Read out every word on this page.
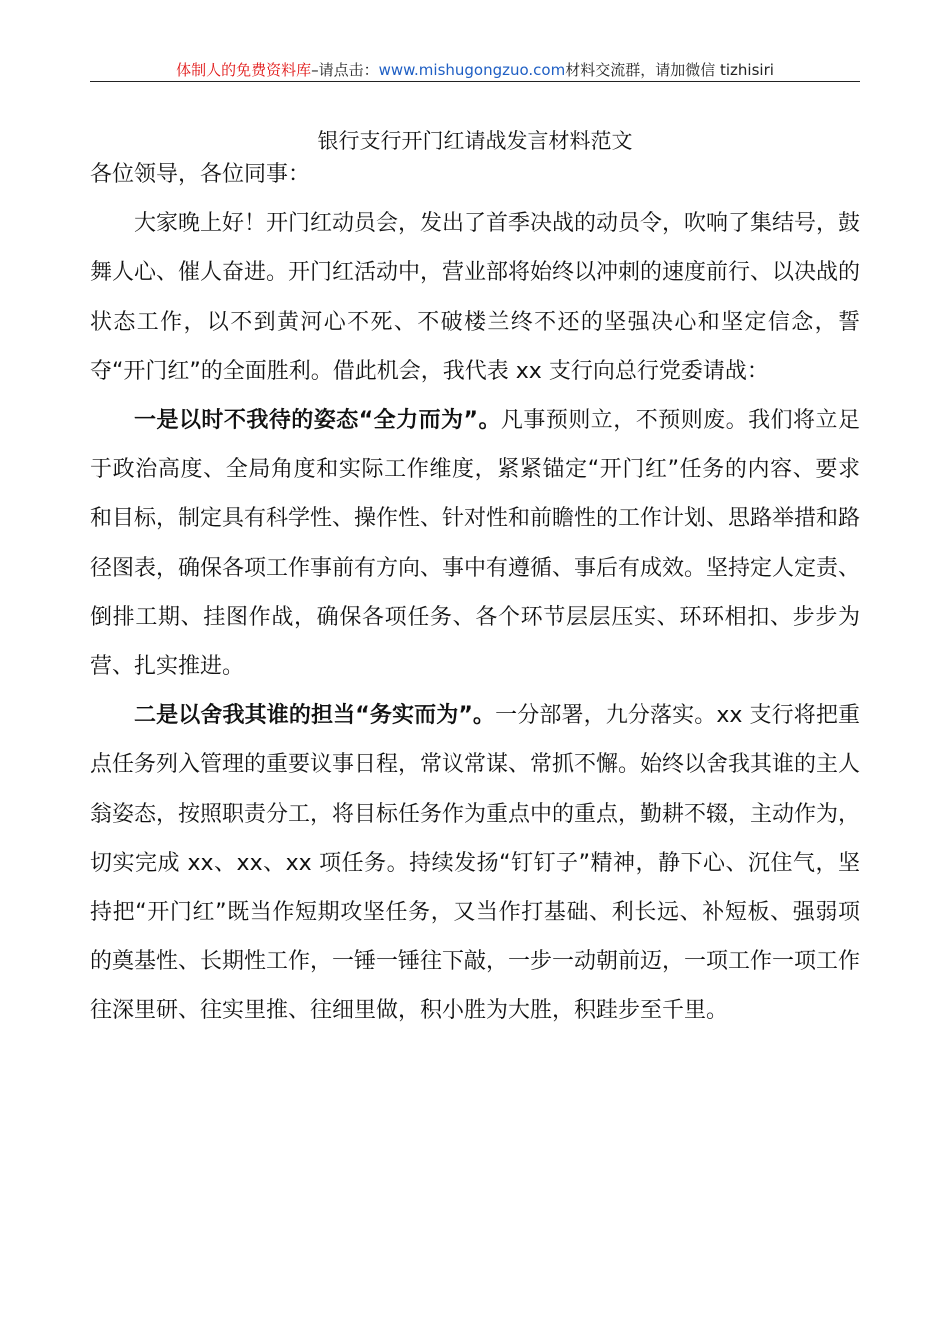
体制人的免费资料库–请点击：www.mishugongzuo.com材料交流群，请加微信 tizhisiri
银行支行开门红请战发言材料范文

各位领导，各位同事：

大家晚上好！开门红动员会，发出了首季决战的动员令，吹响了集结号，鼓舞人心、催人奋进。开门红活动中，营业部将始终以冲刺的速度前行、以决战的状态工作，以不到黄河心不死、不破楼兰终不还的坚强决心和坚定信念，誓夺“开门红”的全面胜利。借此机会，我代表 xx 支行向总行党委请战：

一是以时不我待的姿态“全力而为”。凡事预则立，不预则废。我们将立足于政治高度、全局角度和实际工作维度，紧紧锚定“开门红”任务的内容、要求和目标，制定具有科学性、操作性、针对性和前瞻性的工作计划、思路举措和路径图表，确保各项工作事前有方向、事中有遵循、事后有成效。坚持定人定责、倒排工期、挂图作战，确保各项任务、各个环节层层压实、环环相扣、步步为营、扎实推进。

二是以舍我其谁的担当“务实而为”。一分部署，九分落实。xx 支行将把重点任务列入管理的重要议事日程，常议常谋、常抓不懈。始终以舍我其谁的主人翁姿态，按照职责分工，将目标任务作为重点中的重点，勤耕不辍，主动作为，切实完成 xx、xx、xx 项任务。持续发扬“钉钉子”精神，静下心、沉住气，坚持把“开门红”既当作短期攻坚任务，又当作打基础、利长远、补短板、强弱项的奠基性、长期性工作，一锤一锤往下敲，一步一动朝前迈，一项工作一项工作往深里研、往实里推、往细里做，积小胜为大胜，积跬步至千里。
